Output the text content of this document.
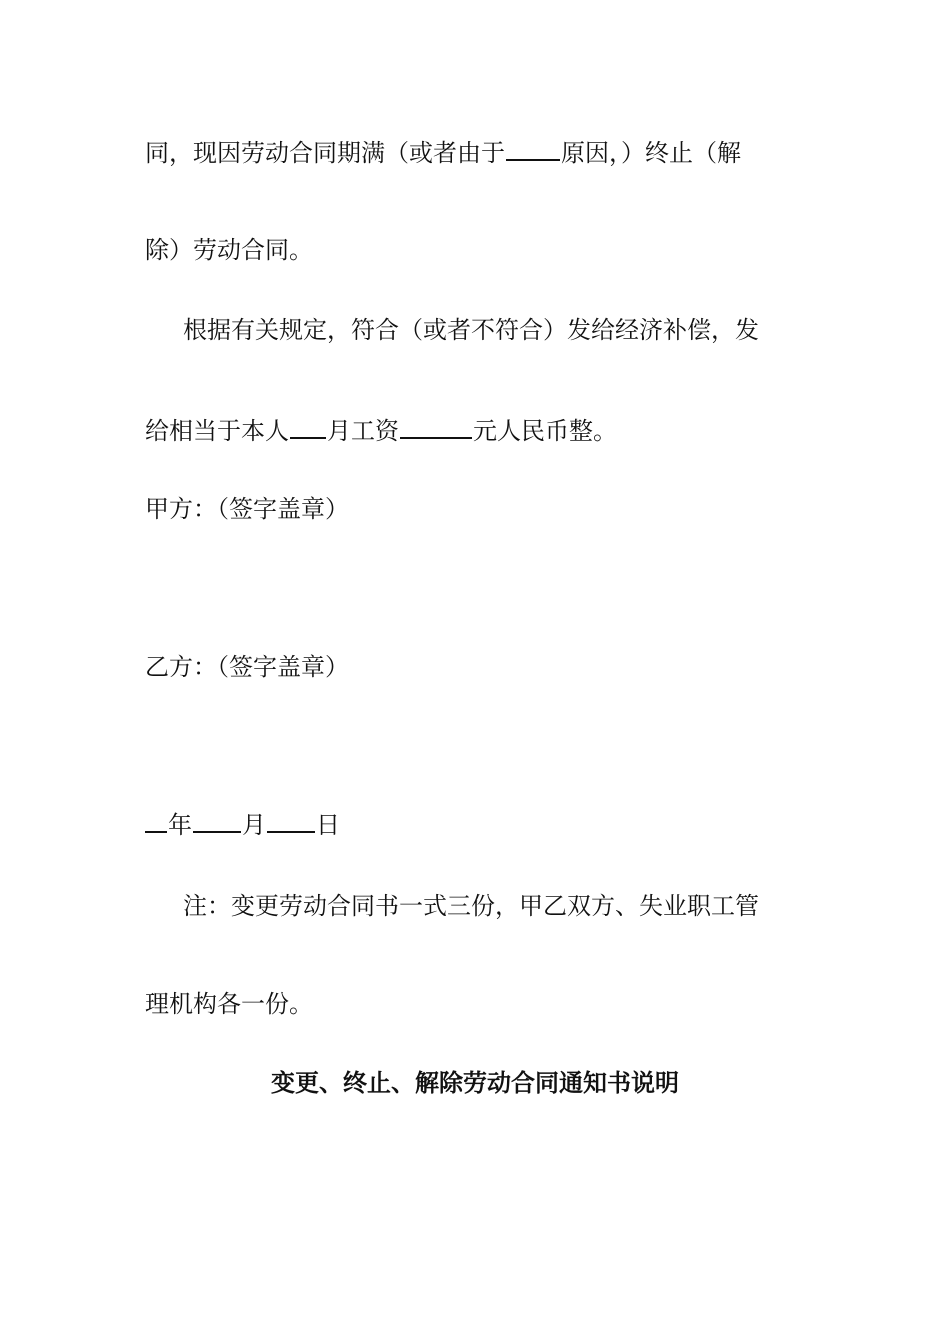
同，现因劳动合同期满（或者由于 原因，）终止（解

除）劳动合同。

根据有关规定，符合（或者不符合）发给经济补偿，发

给相当于本人 月工资	元人民币整。

甲方：（签字盖章）

乙方：（签字盖章）

年 月 日

注：变更劳动合同书一式三份，甲乙双方、失业职工管

理机构各一份。

变更、终止、解除劳动合同通知书说明
